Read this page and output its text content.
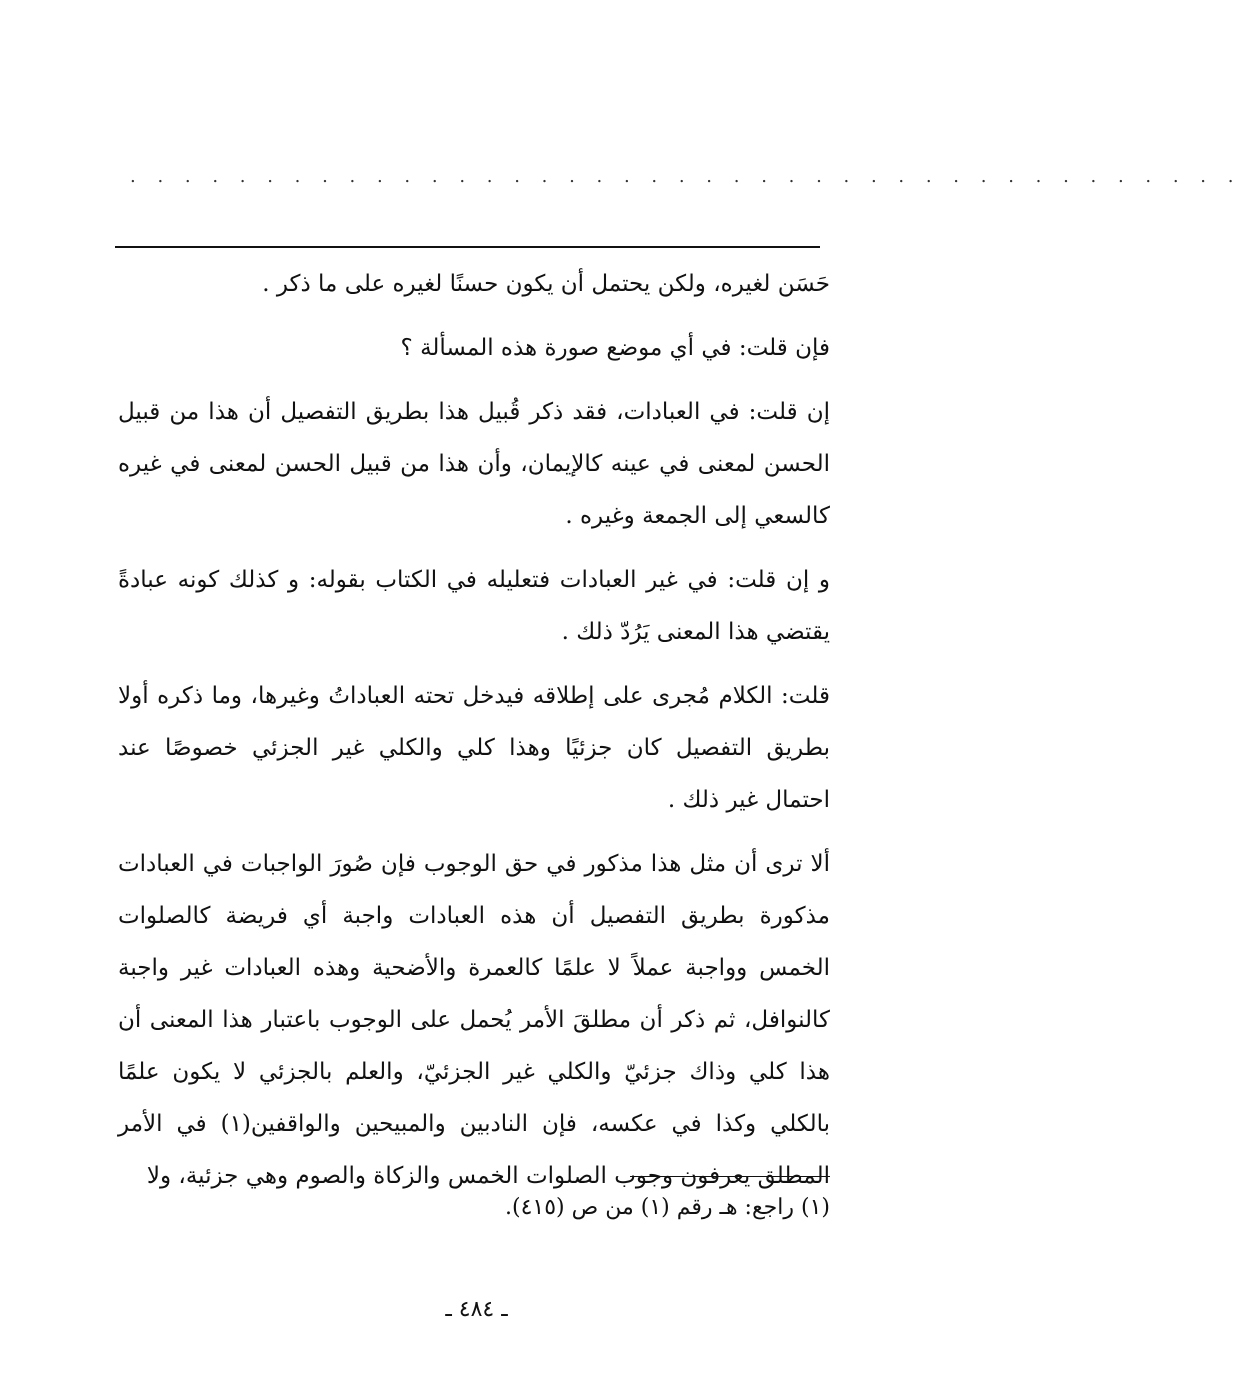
. . . . . . . . . . . . . . . . . . . . . . . . . . . . . . . . . . . . . . . . .

حَسَن لغيره، ولكن يحتمل أن يكون حسنًا لغيره على ما ذكر .

فإن قلت: في أي موضع صورة هذه المسألة ؟

إن قلت: في العبادات، فقد ذكر قُبيل هذا بطريق التفصيل أن هذا من قبيل الحسن لمعنى في عينه كالإيمان، وأن هذا من قبيل الحسن لمعنى في غيره كالسعي إلى الجمعة وغيره .

و إن قلت: في غير العبادات فتعليله في الكتاب بقوله: و كذلك كونه عبادةً يقتضي هذا المعنى يَرُدّ ذلك .

قلت: الكلام مُجرى على إطلاقه فيدخل تحته العباداتُ وغيرها، وما ذكره أولا بطريق التفصيل كان جزئيًا وهذا كلي والكلي غير الجزئي خصوصًا عند احتمال غير ذلك .

ألا ترى أن مثل هذا مذكور في حق الوجوب فإن صُورَ الواجبات في العبادات مذكورة بطريق التفصيل أن هذه العبادات واجبة أي فريضة كالصلوات الخمس وواجبة عملاً لا علمًا كالعمرة والأضحية وهذه العبادات غير واجبة كالنوافل، ثم ذكر أن مطلقَ الأمر يُحمل على الوجوب باعتبار هذا المعنى أن هذا كلي وذاك جزئيّ والكلي غير الجزئيّ، والعلم بالجزئي لا يكون علمًا بالكلي وكذا في عكسه، فإن النادبين والمبيحين والواقفين(١) في الأمر المطلق يعرفون وجوب الصلوات الخمس والزكاة والصوم وهي جزئية، ولا

(١) راجع: هـ رقم (١) من ص (٤١٥).
ـ ٤٨٤ ـ
